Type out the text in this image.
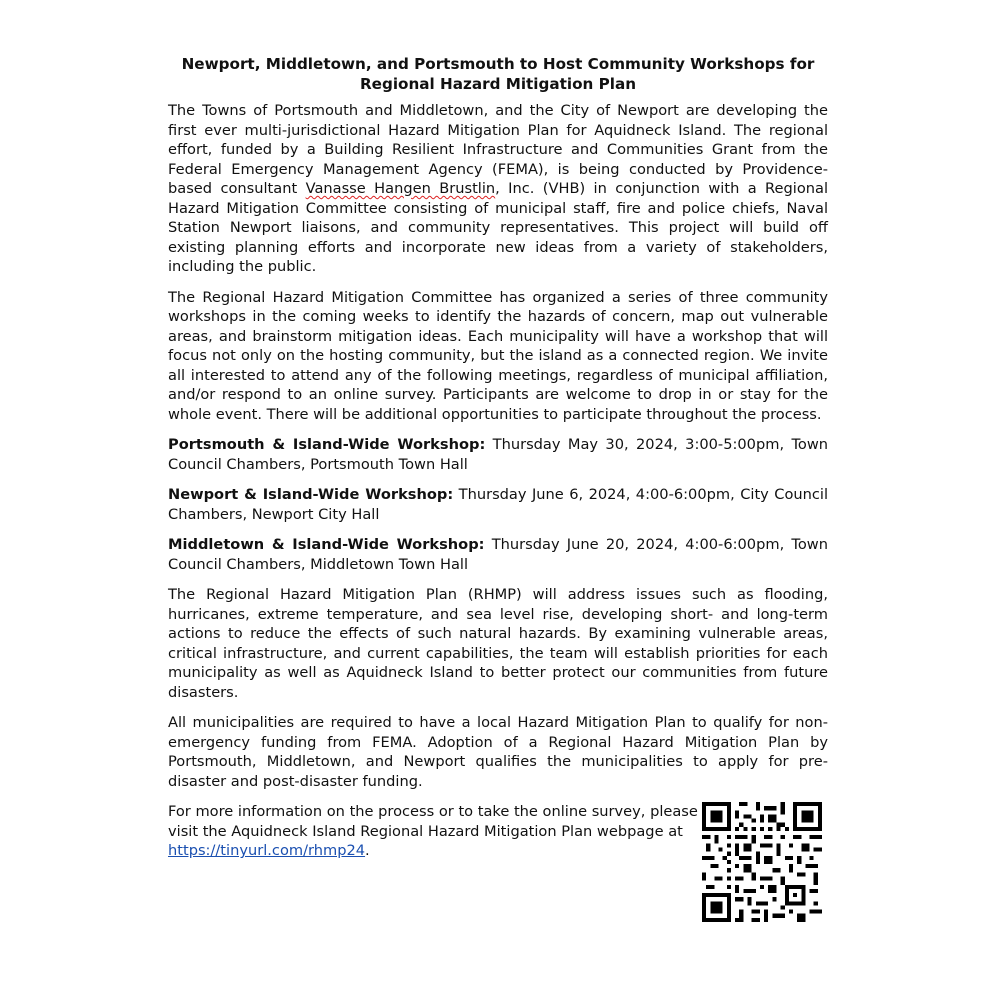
Newport, Middletown, and Portsmouth to Host Community Workshops for Regional Hazard Mitigation Plan

The Towns of Portsmouth and Middletown, and the City of Newport are developing the first ever multi-jurisdictional Hazard Mitigation Plan for Aquidneck Island. The regional effort, funded by a Building Resilient Infrastructure and Communities Grant from the Federal Emergency Management Agency (FEMA), is being conducted by Providence-based consultant Vanasse Hangen Brustlin, Inc. (VHB) in conjunction with a Regional Hazard Mitigation Committee consisting of municipal staff, fire and police chiefs, Naval Station Newport liaisons, and community representatives. This project will build off existing planning efforts and incorporate new ideas from a variety of stakeholders, including the public.

The Regional Hazard Mitigation Committee has organized a series of three community workshops in the coming weeks to identify the hazards of concern, map out vulnerable areas, and brainstorm mitigation ideas. Each municipality will have a workshop that will focus not only on the hosting community, but the island as a connected region. We invite all interested to attend any of the following meetings, regardless of municipal affiliation, and/or respond to an online survey. Participants are welcome to drop in or stay for the whole event. There will be additional opportunities to participate throughout the process.

Portsmouth & Island-Wide Workshop: Thursday May 30, 2024, 3:00-5:00pm, Town Council Chambers, Portsmouth Town Hall

Newport & Island-Wide Workshop: Thursday June 6, 2024, 4:00-6:00pm, City Council Chambers, Newport City Hall

Middletown & Island-Wide Workshop: Thursday June 20, 2024, 4:00-6:00pm, Town Council Chambers, Middletown Town Hall

The Regional Hazard Mitigation Plan (RHMP) will address issues such as flooding, hurricanes, extreme temperature, and sea level rise, developing short- and long-term actions to reduce the effects of such natural hazards. By examining vulnerable areas, critical infrastructure, and current capabilities, the team will establish priorities for each municipality as well as Aquidneck Island to better protect our communities from future disasters.

All municipalities are required to have a local Hazard Mitigation Plan to qualify for non-emergency funding from FEMA. Adoption of a Regional Hazard Mitigation Plan by Portsmouth, Middletown, and Newport qualifies the municipalities to apply for pre-disaster and post-disaster funding.

For more information on the process or to take the online survey, please visit the Aquidneck Island Regional Hazard Mitigation Plan webpage at https://tinyurl.com/rhmp24.
